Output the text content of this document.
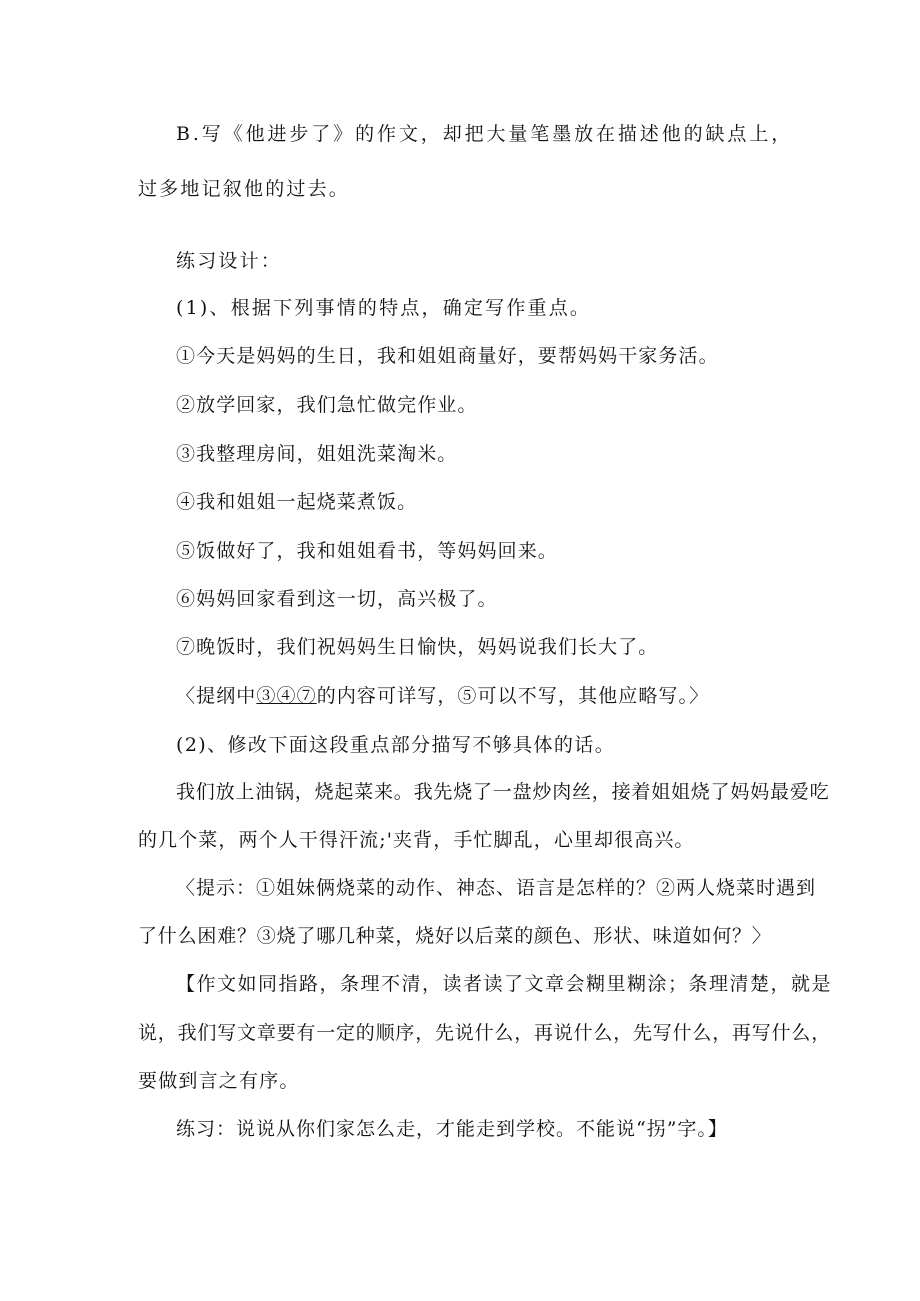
B.写《他进步了》的作文，却把大量笔墨放在描述他的缺点上，
过多地记叙他的过去。
练习设计：
(1)、根据下列事情的特点，确定写作重点。
①今天是妈妈的生日，我和姐姐商量好，要帮妈妈干家务活。
②放学回家，我们急忙做完作业。
③我整理房间，姐姐洗菜淘米。
④我和姐姐一起烧菜煮饭。
⑤饭做好了，我和姐姐看书，等妈妈回来。
⑥妈妈回家看到这一切，高兴极了。
⑦晚饭时，我们祝妈妈生日愉快，妈妈说我们长大了。
〈提纲中③④⑦的内容可详写，⑤可以不写，其他应略写。〉
(2)、修改下面这段重点部分描写不够具体的话。
我们放上油锅，烧起菜来。我先烧了一盘炒肉丝，接着姐姐烧了妈妈最爱吃
的几个菜，两个人干得汗流;'夹背，手忙脚乱，心里却很高兴。
〈提示：①姐妹俩烧菜的动作、神态、语言是怎样的？②两人烧菜时遇到
了什么困难？③烧了哪几种菜，烧好以后菜的颜色、形状、味道如何？〉
【作文如同指路，条理不清，读者读了文章会糊里糊涂；条理清楚，就是
说，我们写文章要有一定的顺序，先说什么，再说什么，先写什么，再写什么，
要做到言之有序。
练习：说说从你们家怎么走，才能走到学校。不能说“拐”字。】
